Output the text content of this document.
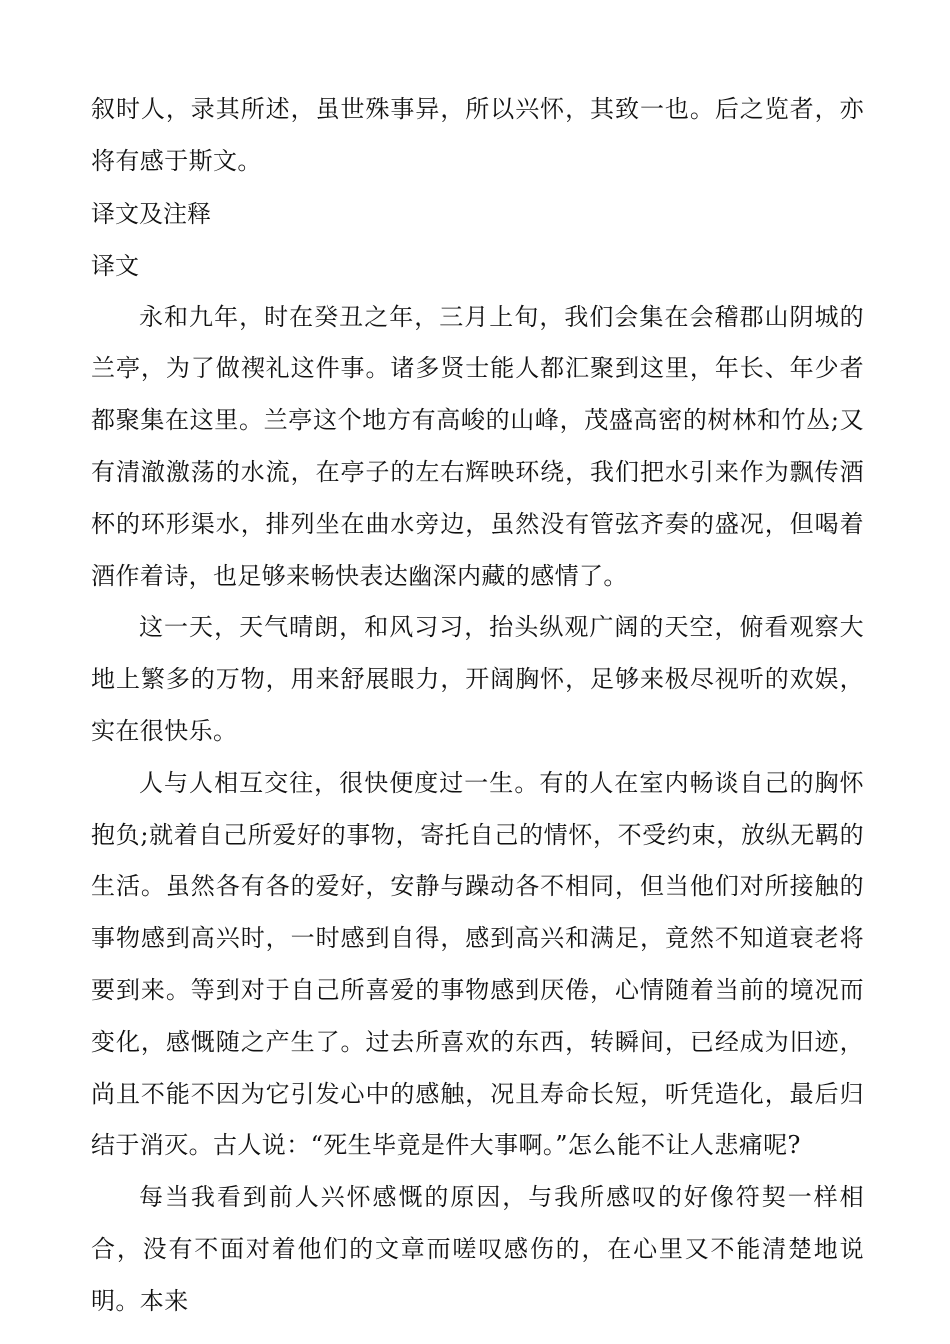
叙时人，录其所述，虽世殊事异，所以兴怀，其致一也。后之览者，亦将有感于斯文。

译文及注释

译文

永和九年，时在癸丑之年，三月上旬，我们会集在会稽郡山阴城的兰亭，为了做禊礼这件事。诸多贤士能人都汇聚到这里，年长、年少者都聚集在这里。兰亭这个地方有高峻的山峰，茂盛高密的树林和竹丛;又有清澈激荡的水流，在亭子的左右辉映环绕，我们把水引来作为飘传酒杯的环形渠水，排列坐在曲水旁边，虽然没有管弦齐奏的盛况，但喝着酒作着诗，也足够来畅快表达幽深内藏的感情了。

这一天，天气晴朗，和风习习，抬头纵观广阔的天空，俯看观察大地上繁多的万物，用来舒展眼力，开阔胸怀，足够来极尽视听的欢娱，实在很快乐。

人与人相互交往，很快便度过一生。有的人在室内畅谈自己的胸怀抱负;就着自己所爱好的事物，寄托自己的情怀，不受约束，放纵无羁的生活。虽然各有各的爱好，安静与躁动各不相同，但当他们对所接触的事物感到高兴时，一时感到自得，感到高兴和满足，竟然不知道衰老将要到来。等到对于自己所喜爱的事物感到厌倦，心情随着当前的境况而变化，感慨随之产生了。过去所喜欢的东西，转瞬间，已经成为旧迹，尚且不能不因为它引发心中的感触，况且寿命长短，听凭造化，最后归结于消灭。古人说：“死生毕竟是件大事啊。”怎么能不让人悲痛呢?

每当我看到前人兴怀感慨的原因，与我所感叹的好像符契一样相合，没有不面对着他们的文章而嗟叹感伤的，在心里又不能清楚地说明。本来
